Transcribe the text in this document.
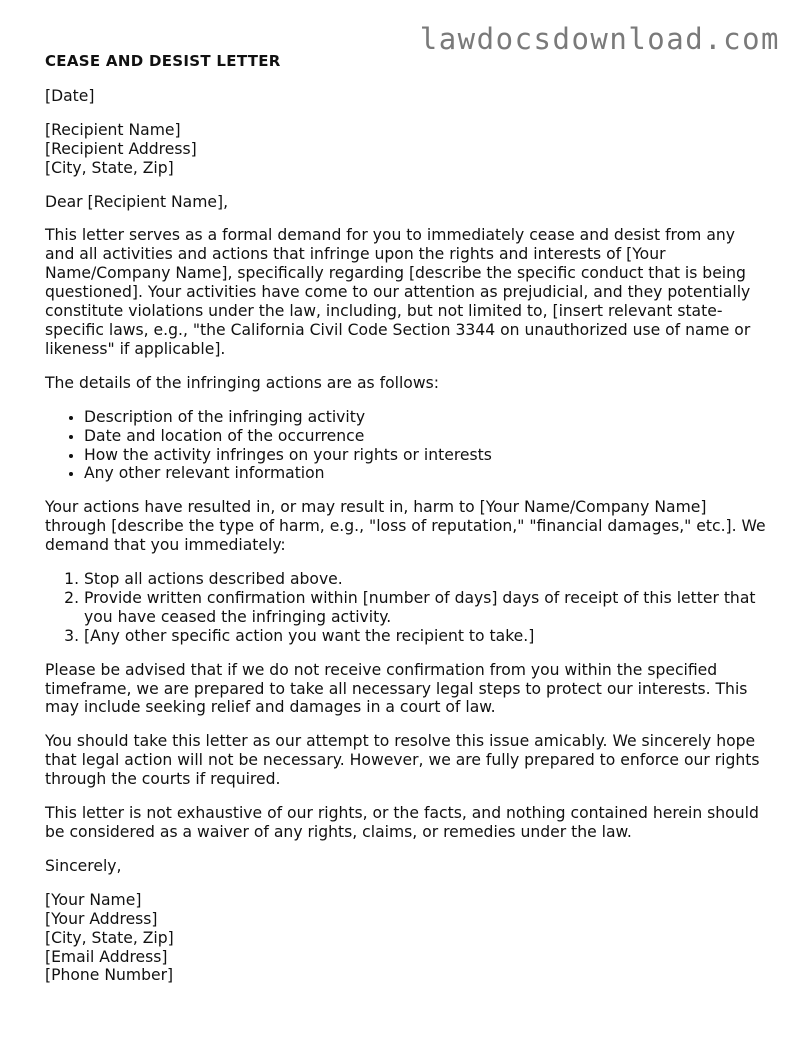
lawdocsdownload.com
CEASE AND DESIST LETTER

[Date]

[Recipient Name]
[Recipient Address]
[City, State, Zip]

Dear [Recipient Name],

This letter serves as a formal demand for you to immediately cease and desist from any and all activities and actions that infringe upon the rights and interests of [Your Name/Company Name], specifically regarding [describe the specific conduct that is being questioned]. Your activities have come to our attention as prejudicial, and they potentially constitute violations under the law, including, but not limited to, [insert relevant state-specific laws, e.g., "the California Civil Code Section 3344 on unauthorized use of name or likeness" if applicable].

The details of the infringing actions are as follows:

• Description of the infringing activity
• Date and location of the occurrence
• How the activity infringes on your rights or interests
• Any other relevant information

Your actions have resulted in, or may result in, harm to [Your Name/Company Name] through [describe the type of harm, e.g., "loss of reputation," "financial damages," etc.]. We demand that you immediately:

1. Stop all actions described above.
2. Provide written confirmation within [number of days] days of receipt of this letter that you have ceased the infringing activity.
3. [Any other specific action you want the recipient to take.]

Please be advised that if we do not receive confirmation from you within the specified timeframe, we are prepared to take all necessary legal steps to protect our interests. This may include seeking relief and damages in a court of law.

You should take this letter as our attempt to resolve this issue amicably. We sincerely hope that legal action will not be necessary. However, we are fully prepared to enforce our rights through the courts if required.

This letter is not exhaustive of our rights, or the facts, and nothing contained herein should be considered as a waiver of any rights, claims, or remedies under the law.

Sincerely,

[Your Name]
[Your Address]
[City, State, Zip]
[Email Address]
[Phone Number]
